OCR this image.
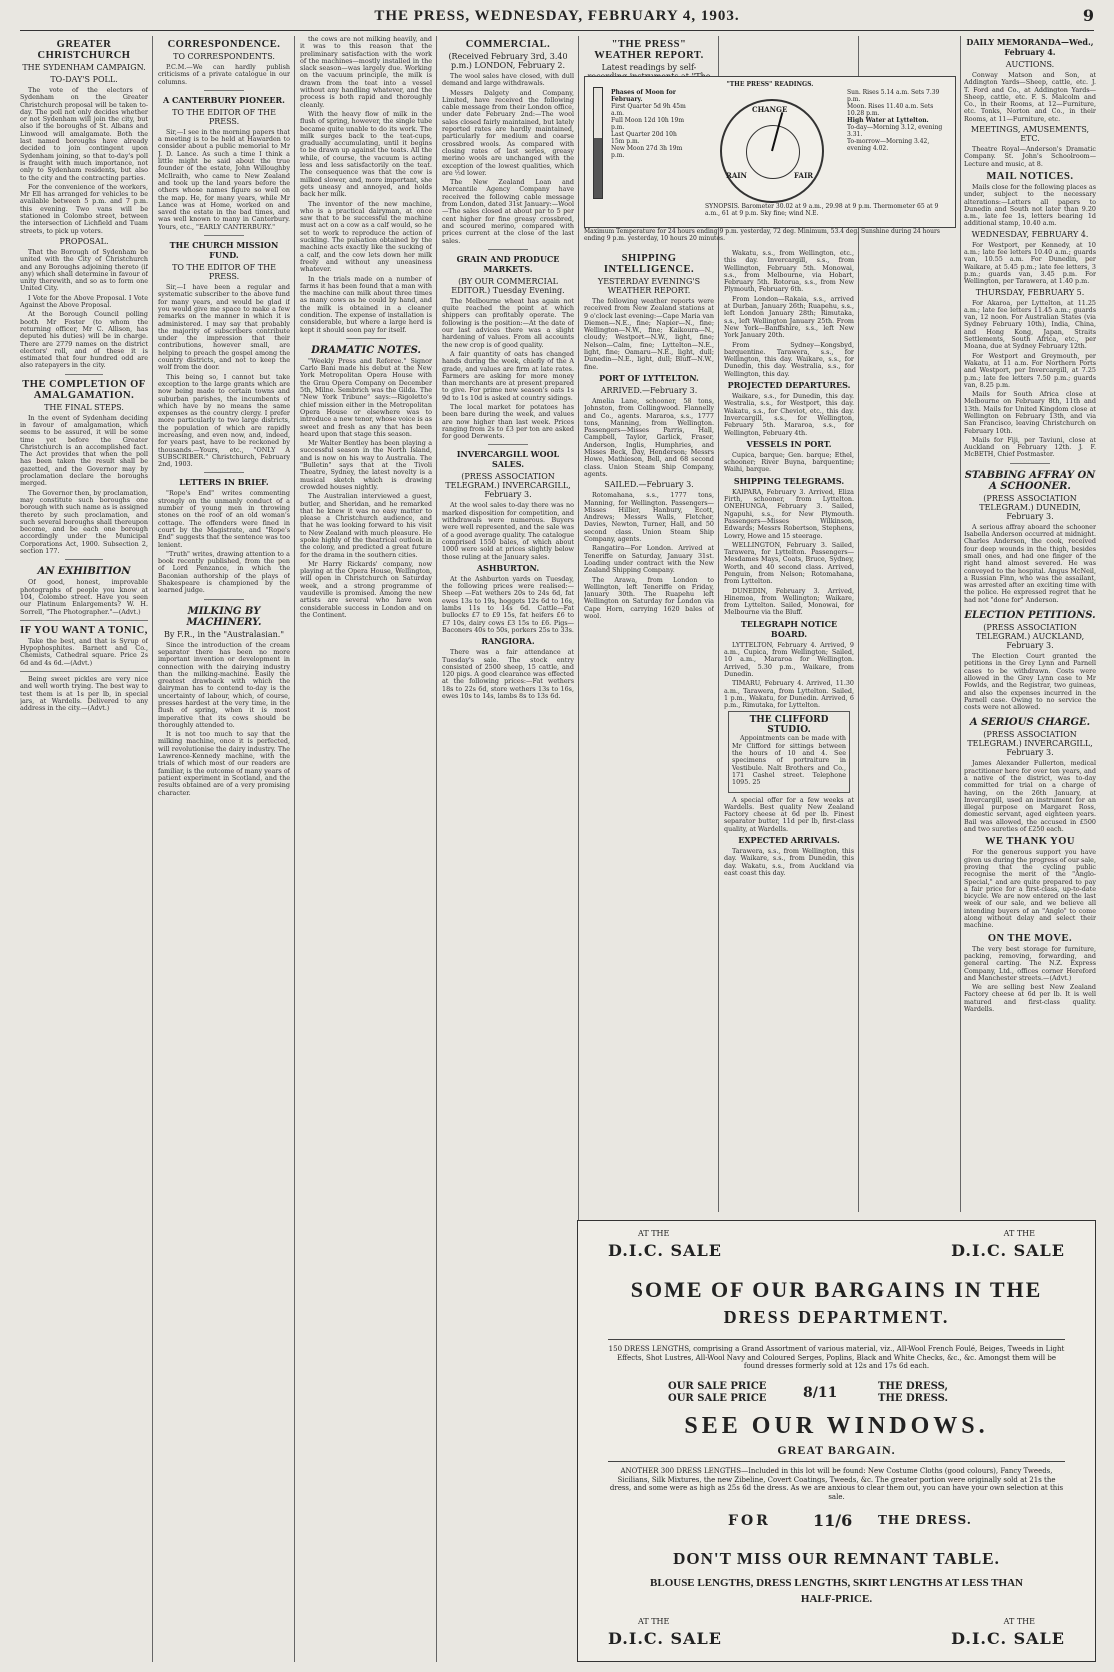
THE PRESS, WEDNESDAY, FEBRUARY 4, 1903.	9
GREATER CHRISTCHURCH
THE SYDENHAM CAMPAIGN.
TO-DAY'S POLL.

The vote of the electors of Sydenham on the Greater Christchurch proposal will be taken to-day. The poll not only decides whether or not Sydenham will join the city, but also if the boroughs of St. Albans and Linwood will amalgamate. Both the last named boroughs have already decided to join contingent upon Sydenham joining, so that to-day's poll is fraught with much importance, not only to Sydenham residents, but also to the city and the contracting parties.

For the convenience of the workers, Mr Ell has arranged for vehicles to be available between 5 p.m. and 7 p.m. this evening. Two vans will be stationed in Colombo street, between the intersection of Lichfield and Tuam streets, to pick up voters.

PROPOSAL.

That the Borough of Sydenham be united with the City of Christchurch and any Boroughs adjoining thereto (if any) which shall determine in favour of unity therewith, and so as to form one United City.

I Vote for the Above Proposal. I Vote Against the Above Proposal.

At the Borough Council polling booth Mr Foster (to whom the returning officer, Mr C. Allison, has deputed his duties) will be in charge. There are 2779 names on the district electors' roll, and of these it is estimated that four hundred odd are also ratepayers in the city.

THE COMPLETION OF AMALGAMATION.
THE FINAL STEPS.

In the event of Sydenham deciding in favour of amalgamation, which seems to be assured, it will be some time yet before the Greater Christchurch is an accomplished fact. The Act provides that when the poll has been taken the result shall be gazetted, and the Governor may by proclamation declare the boroughs merged.

The Governor then, by proclamation, may constitute such boroughs one borough with such name as is assigned thereto by such proclamation, and such several boroughs shall thereupon become, and be each one borough accordingly under the Municipal Corporations Act, 1900. Subsection 2, section 177.

AN EXHIBITION

Of good, honest, improvable photographs of people you know at 104, Colombo street. Have you seen our Platinum Enlargements? W. H. Sorrell, "The Photographer."—(Advt.)

IF YOU WANT A TONIC,

Take the best, and that is Syrup of Hypophosphites. Barnett and Co., Chemists, Cathedral square. Price 2s 6d and 4s 6d.—(Advt.)

Being sweet pickles are very nice and well worth trying. The best way to test them is at 1s per lb, in special jars, at Wardells. Delivered to any address in the city.—(Advt.)

CORRESPONDENCE.
TO CORRESPONDENTS.

P.C.M.—We can hardly publish criticisms of a private catalogue in our columns.

A CANTERBURY PIONEER.
TO THE EDITOR OF THE PRESS.

Sir,—I see in the morning papers that a meeting is to be held at Hawarden to consider about a public memorial to Mr J. D. Lance. As such a time I think a little might be said about the true founder of the estate, John Willoughby McIlraith, who came to New Zealand and took up the land years before the others whose names figure so well on the map. He, for many years, while Mr Lance was at Home, worked on and saved the estate in the bad times, and was well known to many in Canterbury. Yours, etc., "EARLY CANTERBURY."

THE CHURCH MISSION FUND.
TO THE EDITOR OF THE PRESS.

Sir,—I have been a regular and systematic subscriber to the above fund for many years, and would be glad if you would give me space to make a few remarks on the manner in which it is administered. I may say that probably the majority of subscribers contribute under the impression that their contributions, however small, are helping to preach the gospel among the country districts, and not to keep the wolf from the door.

This being so, I cannot but take exception to the large grants which are now being made to certain towns and suburban parishes, the incumbents of which have by no means the same expenses as the country clergy. I prefer more particularly to two large districts, the population of which are rapidly increasing, and even now, and, indeed, for years past, have to be reckoned by thousands.—Yours, etc., "ONLY A SUBSCRIBER." Christchurch, February 2nd, 1903.

LETTERS IN BRIEF.

"Rope's End" writes commenting strongly on the unmanly conduct of a number of young men in throwing stones on the roof of an old woman's cottage. The offenders were fined in court by the Magistrate, and "Rope's End" suggests that the sentence was too lenient.

"Truth" writes, drawing attention to a book recently published, from the pen of Lord Penzance, in which the Baconian authorship of the plays of Shakespeare is championed by the learned judge.

MILKING BY MACHINERY.
By F.R., in the "Australasian."

Since the introduction of the cream separator there has been no more important invention or development in connection with the dairying industry than the milking-machine. Easily the greatest drawback with which the dairyman has to contend to-day is the uncertainty of labour, which, of course, presses hardest at the very time, in the flush of spring, when it is most imperative that its cows should be thoroughly attended to.

It is not too much to say that the milking machine, once it is perfected, will revolutionise the dairy industry. The Lawrence-Kennedy machine, with the trials of which most of our readers are familiar, is the outcome of many years of patient experiment in Scotland, and the results obtained are of a very promising character.

the cows are not milking heavily, and it was to this reason that the preliminary satisfaction with the work of the machines—mostly installed in the slack season—was largely due. Working on the vacuum principle, the milk is drawn from the teat into a vessel without any handling whatever, and the process is both rapid and thoroughly cleanly.

With the heavy flow of milk in the flush of spring, however, the single tube became quite unable to do its work. The milk surges back to the teat-cups, gradually accumulating, until it begins to be drawn up against the teats. All the while, of course, the vacuum is acting less and less satisfactorily on the teat. The consequence was that the cow is milked slower, and, more important, she gets uneasy and annoyed, and holds back her milk.

The inventor of the new machine, who is a practical dairyman, at once saw that to be successful the machine must act on a cow as a calf would, so he set to work to reproduce the action of suckling. The pulsation obtained by the machine acts exactly like the sucking of a calf, and the cow lets down her milk freely and without any uneasiness whatever.

In the trials made on a number of farms it has been found that a man with the machine can milk about three times as many cows as he could by hand, and the milk is obtained in a cleaner condition. The expense of installation is considerable, but where a large herd is kept it should soon pay for itself.

DRAMATIC NOTES.

"Weekly Press and Referee." Signor Carlo Bani made his debut at the New York Metropolitan Opera House with the Grau Opera Company on December 5th, Milne. Sembrich was the Gilda. The "New York Tribune" says:—Rigoletto's chief mission either in the Metropolitan Opera House or elsewhere was to introduce a new tenor, whose voice is as sweet and fresh as any that has been heard upon that stage this season.

Mr Walter Bentley has been playing a successful season in the North Island, and is now on his way to Australia. The "Bulletin" says that at the Tivoli Theatre, Sydney, the latest novelty is a musical sketch which is drawing crowded houses nightly.

The Australian interviewed a guest, butler, and Sheridan, and he remarked that he knew it was no easy matter to please a Christchurch audience, and that he was looking forward to his visit to New Zealand with much pleasure. He spoke highly of the theatrical outlook in the colony, and predicted a great future for the drama in the southern cities.

Mr Harry Rickards' company, now playing at the Opera House, Wellington, will open in Christchurch on Saturday week, and a strong programme of vaudeville is promised. Among the new artists are several who have won considerable success in London and on the Continent.

COMMERCIAL.
(Received February 3rd, 3.40 p.m.) LONDON, February 2.

The wool sales have closed, with dull demand and large withdrawals.

Messrs Dalgety and Company, Limited, have received the following cable message from their London office, under date February 2nd:—The wool sales closed fairly maintained, but lately reported rates are hardly maintained, particularly for medium and coarse crossbred wools. As compared with closing rates of last series, greasy merino wools are unchanged with the exception of the lowest qualities, which are ½d lower.

The New Zealand Loan and Mercantile Agency Company have received the following cable message from London, dated 31st January:—Wool—The sales closed at about par to 5 per cent higher for fine greasy crossbred, and scoured merino, compared with prices current at the close of the last sales.

GRAIN AND PRODUCE MARKETS.
(BY OUR COMMERCIAL EDITOR.) Tuesday Evening.

The Melbourne wheat has again not quite reached the point at which shippers can profitably operate. The following is the position:—At the date of our last advices there was a slight hardening of values. From all accounts the new crop is of good quality.

A fair quantity of oats has changed hands during the week, chiefly of the A grade, and values are firm at late rates. Farmers are asking for more money than merchants are at present prepared to give. For prime new season's oats 1s 9d to 1s 10d is asked at country sidings.

The local market for potatoes has been bare during the week, and values are now higher than last week. Prices ranging from 2s to £3 per ton are asked for good Derwents.

INVERCARGILL WOOL SALES.
(PRESS ASSOCIATION TELEGRAM.) INVERCARGILL, February 3.

At the wool sales to-day there was no marked disposition for competition, and withdrawals were numerous. Buyers were well represented, and the sale was of a good average quality. The catalogue comprised 1550 bales, of which about 1000 were sold at prices slightly below those ruling at the January sales.

ASHBURTON.

At the Ashburton yards on Tuesday, the following prices were realised:—Sheep —Fat wethers 20s to 24s 6d, fat ewes 13s to 19s, hoggets 12s 6d to 16s, lambs 11s to 14s 6d. Cattle—Fat bullocks £7 to £9 15s, fat heifers £6 to £7 10s, dairy cows £3 15s to £6. Pigs—Baconers 40s to 50s, porkers 25s to 33s.

RANGIORA.

There was a fair attendance at Tuesday's sale. The stock entry consisted of 2500 sheep, 15 cattle, and 120 pigs. A good clearance was effected at the following prices:—Fat wethers 18s to 22s 6d, store wethers 13s to 16s, ewes 10s to 14s, lambs 8s to 13s 6d.

"THE PRESS" WEATHER REPORT.
Latest readings by self-
Phases of Moon for February.
First Quarter 5d 9h 45m a.m.
Full Moon 12d 10h 19m p.m.
Last Quarter 20d 10h 15m p.m.
New Moon 27d 3h 19m p.m.
"THE PRESS" READINGS.
CHANGE
RAIN	FAIR
Sun. Rises 5.14 a.m. Sets 7.39 p.m.
Moon. Rises 11.40 a.m. Sets 10.28 p.m.
High Water at Lyttelton.
To-day—Morning 3.12, evening 3.31.
To-morrow—Morning 3.42, evening 4.02.
SYNOPSIS. Barometer 30.02 at 9 a.m., 29.98 at 9 p.m. Thermometer 65 at 9 a.m., 61 at 9 p.m. Sky fine; wind N.E.
Maximum Temperature for 24 hours ending 9 p.m. yesterday, 72 deg. Minimum, 53.4 deg. Sunshine during 24 hours ending 9 p.m. yesterday, 10 hours 20 minutes.
SHIPPING INTELLIGENCE.
YESTERDAY EVENING'S WEATHER REPORT.

The following weather reports were received from New Zealand stations at 9 o'clock last evening:—Cape Maria van Diemen—N.E., fine; Napier—N., fine; Wellington—N.W., fine; Kaikoura—N., cloudy; Westport—N.W., light, fine; Nelson—Calm, fine; Lyttelton—N.E., light, fine; Oamaru—N.E., light, dull; Dunedin—N.E., light, dull; Bluff—N.W., fine.

PORT OF LYTTELTON.
ARRIVED.—February 3.

Amelia Lane, schooner, 58 tons, Johnston, from Collingwood. Flannelly and Co., agents. Mararoa, s.s., 1777 tons, Manning, from Wellington. Passengers—Misses Parris, Hall, Campbell, Taylor, Garlick, Fraser, Anderson, Inglis, Humphries, and Misses Beck, Day, Henderson; Messrs Howe, Mathieson, Bell, and 68 second class. Union Steam Ship Company, agents.

SAILED.—February 3.

Rotomahana, s.s., 1777 tons, Manning, for Wellington. Passengers—Misses Hillier, Hanbury, Ecott, Andrews; Messrs Walls, Fletcher, Davies, Newton, Turner, Hall, and 50 second class. Union Steam Ship Company, agents.

Rangatira—For London. Arrived at Teneriffe on Saturday, January 31st. Loading under contract with the New Zealand Shipping Company.

The Arawa, from London to Wellington, left Teneriffe on Friday, January 30th. The Ruapehu left Wellington on Saturday for London via Cape Horn, carrying 1620 bales of wool.

Wakatu, s.s., from Wellington, etc., this day. Invercargill, s.s., from Wellington, February 5th. Monowai, s.s., from Melbourne, via Hobart, February 5th. Rotorua, s.s., from New Plymouth, February 6th.

From London—Rakaia, s.s., arrived at Durban, January 26th; Ruapehu, s.s., left London January 28th; Rimutaka, s.s., left Wellington January 25th. From New York—Banffshire, s.s., left New York January 20th.

From Sydney—Kongsbyd, barquentine. Tarawera, s.s., for Wellington, this day. Waikare, s.s., for Dunedin, this day. Westralia, s.s., for Wellington, this day.

PROJECTED DEPARTURES.

Waikare, s.s., for Dunedin, this day. Westralia, s.s., for Westport, this day. Wakatu, s.s., for Cheviot, etc., this day. Invercargill, s.s., for Wellington, February 5th. Mararoa, s.s., for Wellington, February 4th.

VESSELS IN PORT.

Cupica, barque; Gen. barque; Ethel, schooner; River Buyna, barquentine; Waihi, barque.

SHIPPING TELEGRAMS.

KAIPARA, February 3. Arrived, Eliza Firth, schooner, from Lyttelton. ONEHUNGA, February 3. Sailed, Ngapuhi, s.s., for New Plymouth. Passengers—Misses Wilkinson, Edwards; Messrs Robertson, Stephens, Lowry, Howe and 15 steerage.

WELLINGTON, February 3. Sailed, Tarawera, for Lyttelton. Passengers—Mesdames Mays, Coats, Bruce, Sydney, Worth, and 40 second class. Arrived, Penguin, from Nelson; Rotomahana, from Lyttelton.

DUNEDIN, February 3. Arrived, Hinemoa, from Wellington; Waikare, from Lyttelton. Sailed, Monowai, for Melbourne via the Bluff.

TELEGRAPH NOTICE BOARD.

LYTTELTON, February 4. Arrived, 9 a.m., Cupica, from Wellington; Sailed, 10 a.m., Mararoa for Wellington. Arrived, 5.30 p.m., Waikare, from Dunedin.

TIMARU, February 4. Arrived, 11.30 a.m., Tarawera, from Lyttelton. Sailed, 1 p.m., Wakatu, for Dunedin. Arrived, 6 p.m., Rimutaka, for Lyttelton.

THE CLIFFORD STUDIO.

Appointments can be made with Mr Clifford for sittings between the hours of 10 and 4. See specimens of portraiture in Vestibule. Nalt Brothers and Co., 171 Cashel street. Telephone 1095. 25

A special offer for a few weeks at Wardells. Best quality New Zealand Factory cheese at 6d per lb. Finest separator butter, 11d per lb, first-class quality, at Wardells.

EXPECTED ARRIVALS.

Tarawera, s.s., from Wellington, this day. Waikare, s.s., from Dunedin, this day. Wakatu, s.s., from Auckland via east coast this day.

DAILY MEMORANDA—Wed., February 4.
AUCTIONS.

Conway Matson and Son, at Addington Yards—Sheep, cattle, etc. J. T. Ford and Co., at Addington Yards—Sheep, cattle, etc. F. S. Malcolm and Co., in their Rooms, at 12—Furniture, etc. Tonks, Norton and Co., in their Rooms, at 11—Furniture, etc.

MEETINGS, AMUSEMENTS, ETC.

Theatre Royal—Anderson's Dramatic Company. St. John's Schoolroom—Lecture and music, at 8.

MAIL NOTICES.

Mails close for the following places as under, subject to the necessary alterations:—Letters all papers to Dunedin and South not later than 9.20 a.m., late fee 1s, letters bearing 1d additional stamp, 10.40 a.m.

WEDNESDAY, FEBRUARY 4.

For Westport, per Kennedy, at 10 a.m.; late fee letters 10.40 a.m.; guards van, 10.55 a.m. For Dunedin, per Waikare, at 5.45 p.m.; late fee letters, 3 p.m.; guards van, 3.45 p.m. For Wellington, per Tarawera, at 1.40 p.m.

THURSDAY, FEBRUARY 5.

For Akaroa, per Lyttelton, at 11.25 a.m.; late fee letters 11.45 a.m.; guards van, 12 noon. For Australian States (via Sydney February 10th), India, China, and Hong Kong, Japan, Straits Settlements, South Africa, etc., per Moana, due at Sydney February 12th.

For Westport and Greymouth, per Wakatu, at 11 a.m. For Northern Ports and Westport, per Invercargill, at 7.25 p.m.; late fee letters 7.50 p.m.; guards van, 8.25 p.m.

Mails for South Africa close at Melbourne on February 8th, 11th and 13th. Mails for United Kingdom close at Wellington on February 13th, and via San Francisco, leaving Christchurch on February 10th.

Mails for Fiji, per Taviuni, close at Auckland on February 12th. J. F. McBETH, Chief Postmaster.

STABBING AFFRAY ON A SCHOONER.
(PRESS ASSOCIATION TELEGRAM.) DUNEDIN, February 3.

A serious affray aboard the schooner Isabella Anderson occurred at midnight. Charles Anderson, the cook, received four deep wounds in the thigh, besides small ones, and had one finger of the right hand almost severed. He was conveyed to the hospital. Angus McNeil, a Russian Finn, who was the assailant, was arrested after an exciting time with the police. He expressed regret that he had not "done for" Anderson.

ELECTION PETITIONS.
(PRESS ASSOCIATION TELEGRAM.) AUCKLAND, February 3.

The Election Court granted the petitions in the Grey Lynn and Parnell cases to be withdrawn. Costs were allowed in the Grey Lynn case to Mr Fowlds, and the Registrar, two guineas, and also the expenses incurred in the Parnell case. Owing to no service the costs were not allowed.

A SERIOUS CHARGE.
(PRESS ASSOCIATION TELEGRAM.) INVERCARGILL, February 3.

James Alexander Fullerton, medical practitioner here for over ten years, and a native of the district, was to-day committed for trial on a charge of having, on the 26th January, at Invercargill, used an instrument for an illegal purpose on Margaret Ross, domestic servant, aged eighteen years. Bail was allowed, the accused in £500 and two sureties of £250 each.

WE THANK YOU

For the generous support you have given us during the progress of our sale, proving that the cycling public recognise the merit of the "Anglo-Special," and are quite prepared to pay a fair price for a first-class, up-to-date bicycle. We are now entered on the last week of our sale, and we believe all intending buyers of an "Anglo" to come along without delay and select their machine.

ON THE MOVE.

The very best storage for furniture, packing, removing, forwarding, and general carting. The N.Z. Express Company, Ltd., offices corner Hereford and Manchester streets.—(Advt.)

We are selling best New Zealand Factory cheese at 6d per lb. It is well matured and first-class quality. Wardells.

AT THE
D.I.C. SALE
AT THE
D.I.C. SALE
SOME OF OUR BARGAINS IN THE
DRESS DEPARTMENT.
150 DRESS LENGTHS, comprising a Grand Assortment of various material, viz., All-Wool French Foulé, Beiges, Tweeds in Light Effects, Shot Lustres, All-Wool Navy and Coloured Serges, Poplins, Black and White Checks, &c., &c. Amongst them will be found dresses formerly sold at 12s and 17s 6d each.
OUR SALE PRICE
OUR SALE PRICE	8/11	THE DRESS,
THE DRESS.
SEE OUR WINDOWS.
GREAT BARGAIN.
ANOTHER 300 DRESS LENGTHS—Included in this lot will be found: New Costume Cloths (good colours), Fancy Tweeds, Sicilians, Silk Mixtures, the new Zibeline, Covert Coatings, Tweeds, &c. The greater portion were originally sold at 21s the dress, and some were as high as 25s 6d the dress. As we are anxious to clear them out, you can have your own selection at this sale.
FOR	11/6 THE DRESS.
DON'T MISS OUR REMNANT TABLE.
BLOUSE LENGTHS, DRESS LENGTHS, SKIRT LENGTHS AT LESS THAN
HALF-PRICE.
AT THE
D.I.C. SALE
AT THE
D.I.C. SALE
